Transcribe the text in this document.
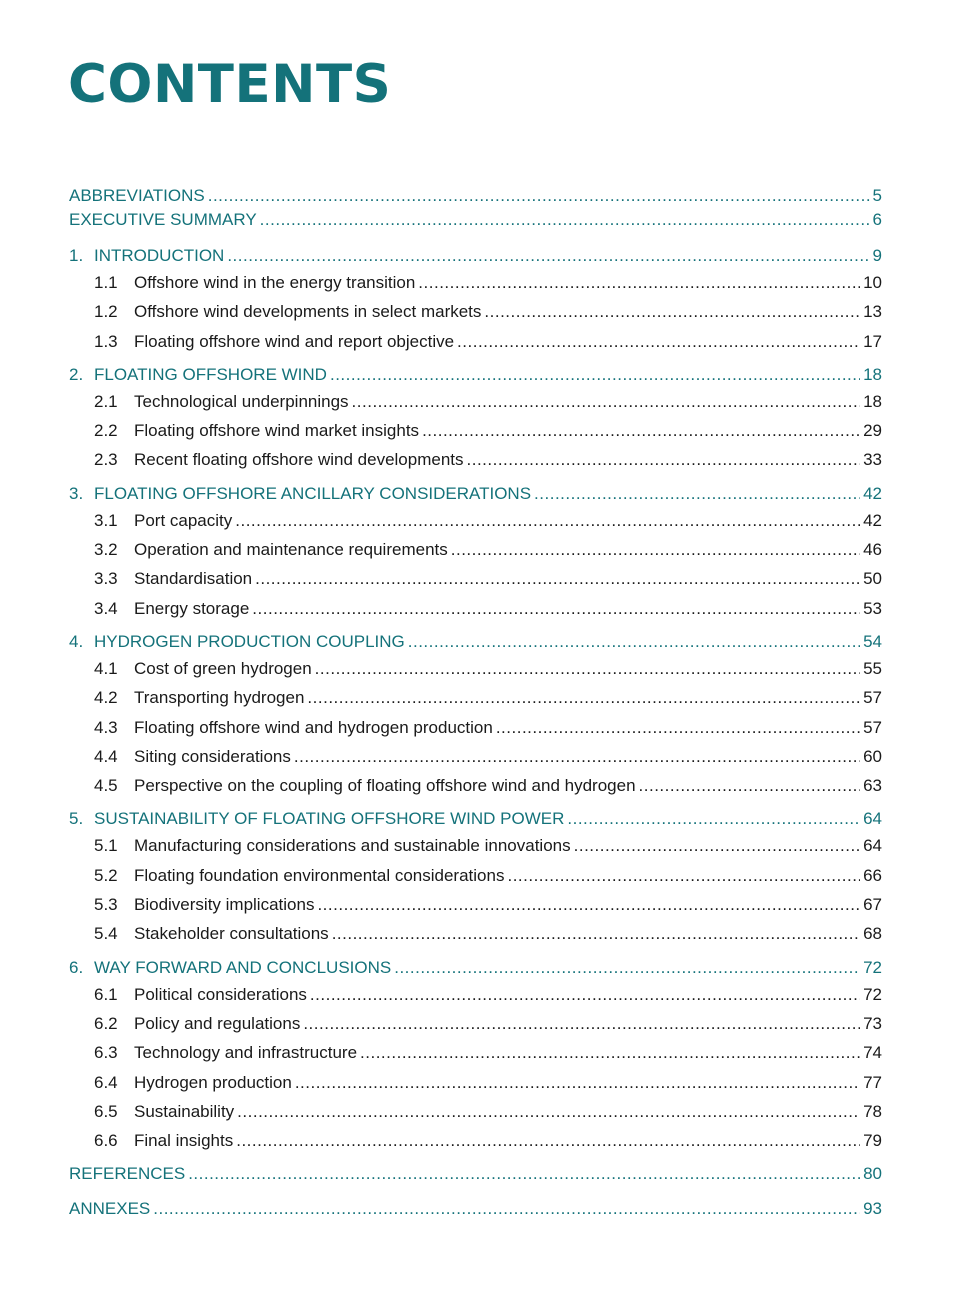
CONTENTS
ABBREVIATIONS .....	5
EXECUTIVE SUMMARY .....	6
1. INTRODUCTION .....	9
1.1 Offshore wind in the energy transition .....	10
1.2 Offshore wind developments in select markets .....	13
1.3 Floating offshore wind and report objective .....	17
2. FLOATING OFFSHORE WIND .....	18
2.1 Technological underpinnings .....	18
2.2 Floating offshore wind market insights .....	29
2.3 Recent floating offshore wind developments .....	33
3. FLOATING OFFSHORE ANCILLARY CONSIDERATIONS .....	42
3.1 Port capacity .....	42
3.2 Operation and maintenance requirements .....	46
3.3 Standardisation .....	50
3.4 Energy storage .....	53
4. HYDROGEN PRODUCTION COUPLING .....	54
4.1 Cost of green hydrogen .....	55
4.2 Transporting hydrogen .....	57
4.3 Floating offshore wind and hydrogen production .....	57
4.4 Siting considerations .....	60
4.5 Perspective on the coupling of floating offshore wind and hydrogen .....	63
5. SUSTAINABILITY OF FLOATING OFFSHORE WIND POWER .....	64
5.1 Manufacturing considerations and sustainable innovations .....	64
5.2 Floating foundation environmental considerations .....	66
5.3 Biodiversity implications .....	67
5.4 Stakeholder consultations .....	68
6. WAY FORWARD AND CONCLUSIONS .....	72
6.1 Political considerations .....	72
6.2 Policy and regulations .....	73
6.3 Technology and infrastructure .....	74
6.4 Hydrogen production .....	77
6.5 Sustainability .....	78
6.6 Final insights .....	79
REFERENCES .....	80
ANNEXES .....	93
